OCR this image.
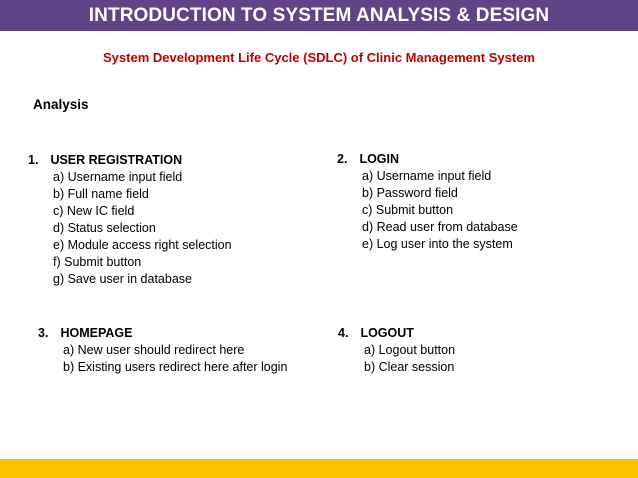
INTRODUCTION TO SYSTEM ANALYSIS & DESIGN
System Development Life Cycle (SDLC) of Clinic Management System
Analysis
1. USER REGISTRATION
a) Username input field
b) Full name field
c) New IC field
d) Status selection
e) Module access right selection
f) Submit button
g) Save user in database
2. LOGIN
a) Username input field
b) Password field
c) Submit button
d) Read user from database
e) Log user into the system
3. HOMEPAGE
a) New user should redirect here
b) Existing users redirect here after login
4. LOGOUT
a) Logout button
b) Clear session
